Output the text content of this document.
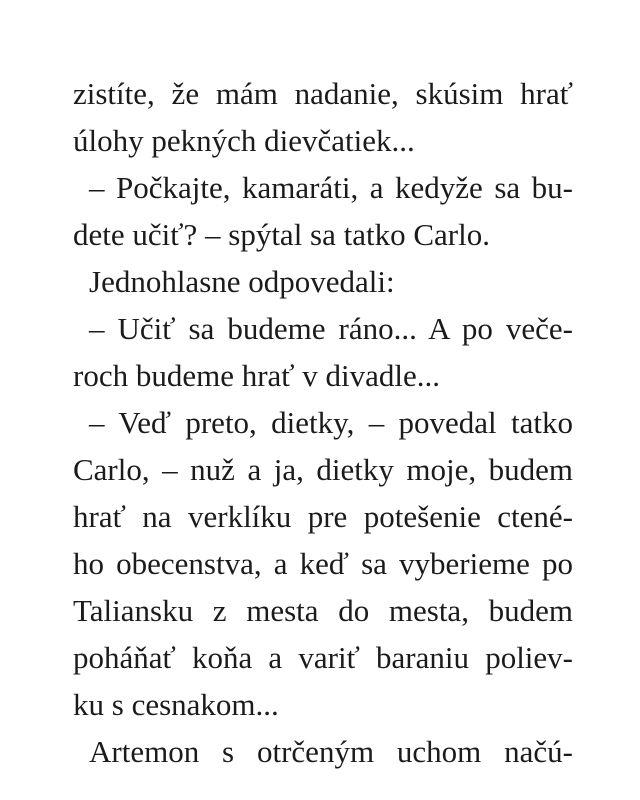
zistíte, že mám nadanie, skúsim hrať
úlohy pekných dievčatiek...
– Počkajte, kamaráti, a kedyže sa bu-
dete učiť? – spýtal sa tatko Carlo.
Jednohlasne odpovedali:
– Učiť sa budeme ráno... A po veče-
roch budeme hrať v divadle...
– Veď preto, dietky, – povedal tatko
Carlo, – nuž a ja, dietky moje, budem
hrať na verklíku pre potešenie ctené-
ho obecenstva, a keď sa vyberieme po
Taliansku z mesta do mesta, budem
poháňať koňa a variť baraniu poliev-
ku s cesnakom...
Artemon s otrčeným uchom načú-
